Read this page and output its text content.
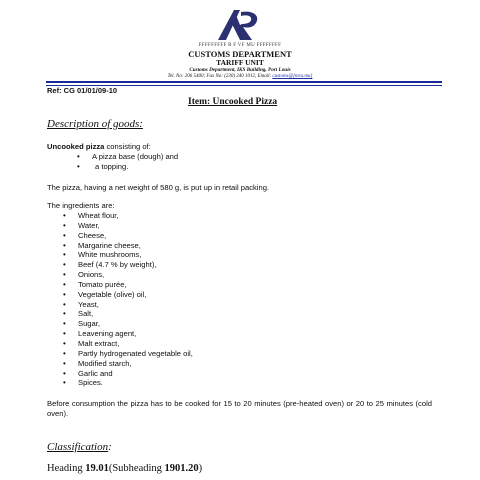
FFFFFFFFF R F VF MU FFFFFFFF
CUSTOMS DEPARTMENT
TARIFF UNIT
Customs Department, IKS Building, Port Louis
Tel. No: 206 5400; Fax No: (230) 240 1012, Email: customs@[mra.mu]
Ref: CG 01/01/09-10
Item: Uncooked Pizza
Description of goods:
Uncooked pizza consisting of:
• A pizza base (dough) and
• a topping.
The pizza, having a net weight of 580 g, is put up in retail packing.
The ingredients are:
• Wheat flour,
• Water,
• Cheese,
• Margarine cheese,
• White mushrooms,
• Beef (4.7 % by weight),
• Onions,
• Tomato purée,
• Vegetable (olive) oil,
• Yeast,
• Salt,
• Sugar,
• Leavening agent,
• Malt extract,
• Partly hydrogenated vegetable oil,
• Modified starch,
• Garlic and
• Spices.
Before consumption the pizza has to be cooked for 15 to 20 minutes (pre-heated oven) or 20 to 25 minutes (cold oven).
Classification:
Heading 19.01(Subheading 1901.20)
